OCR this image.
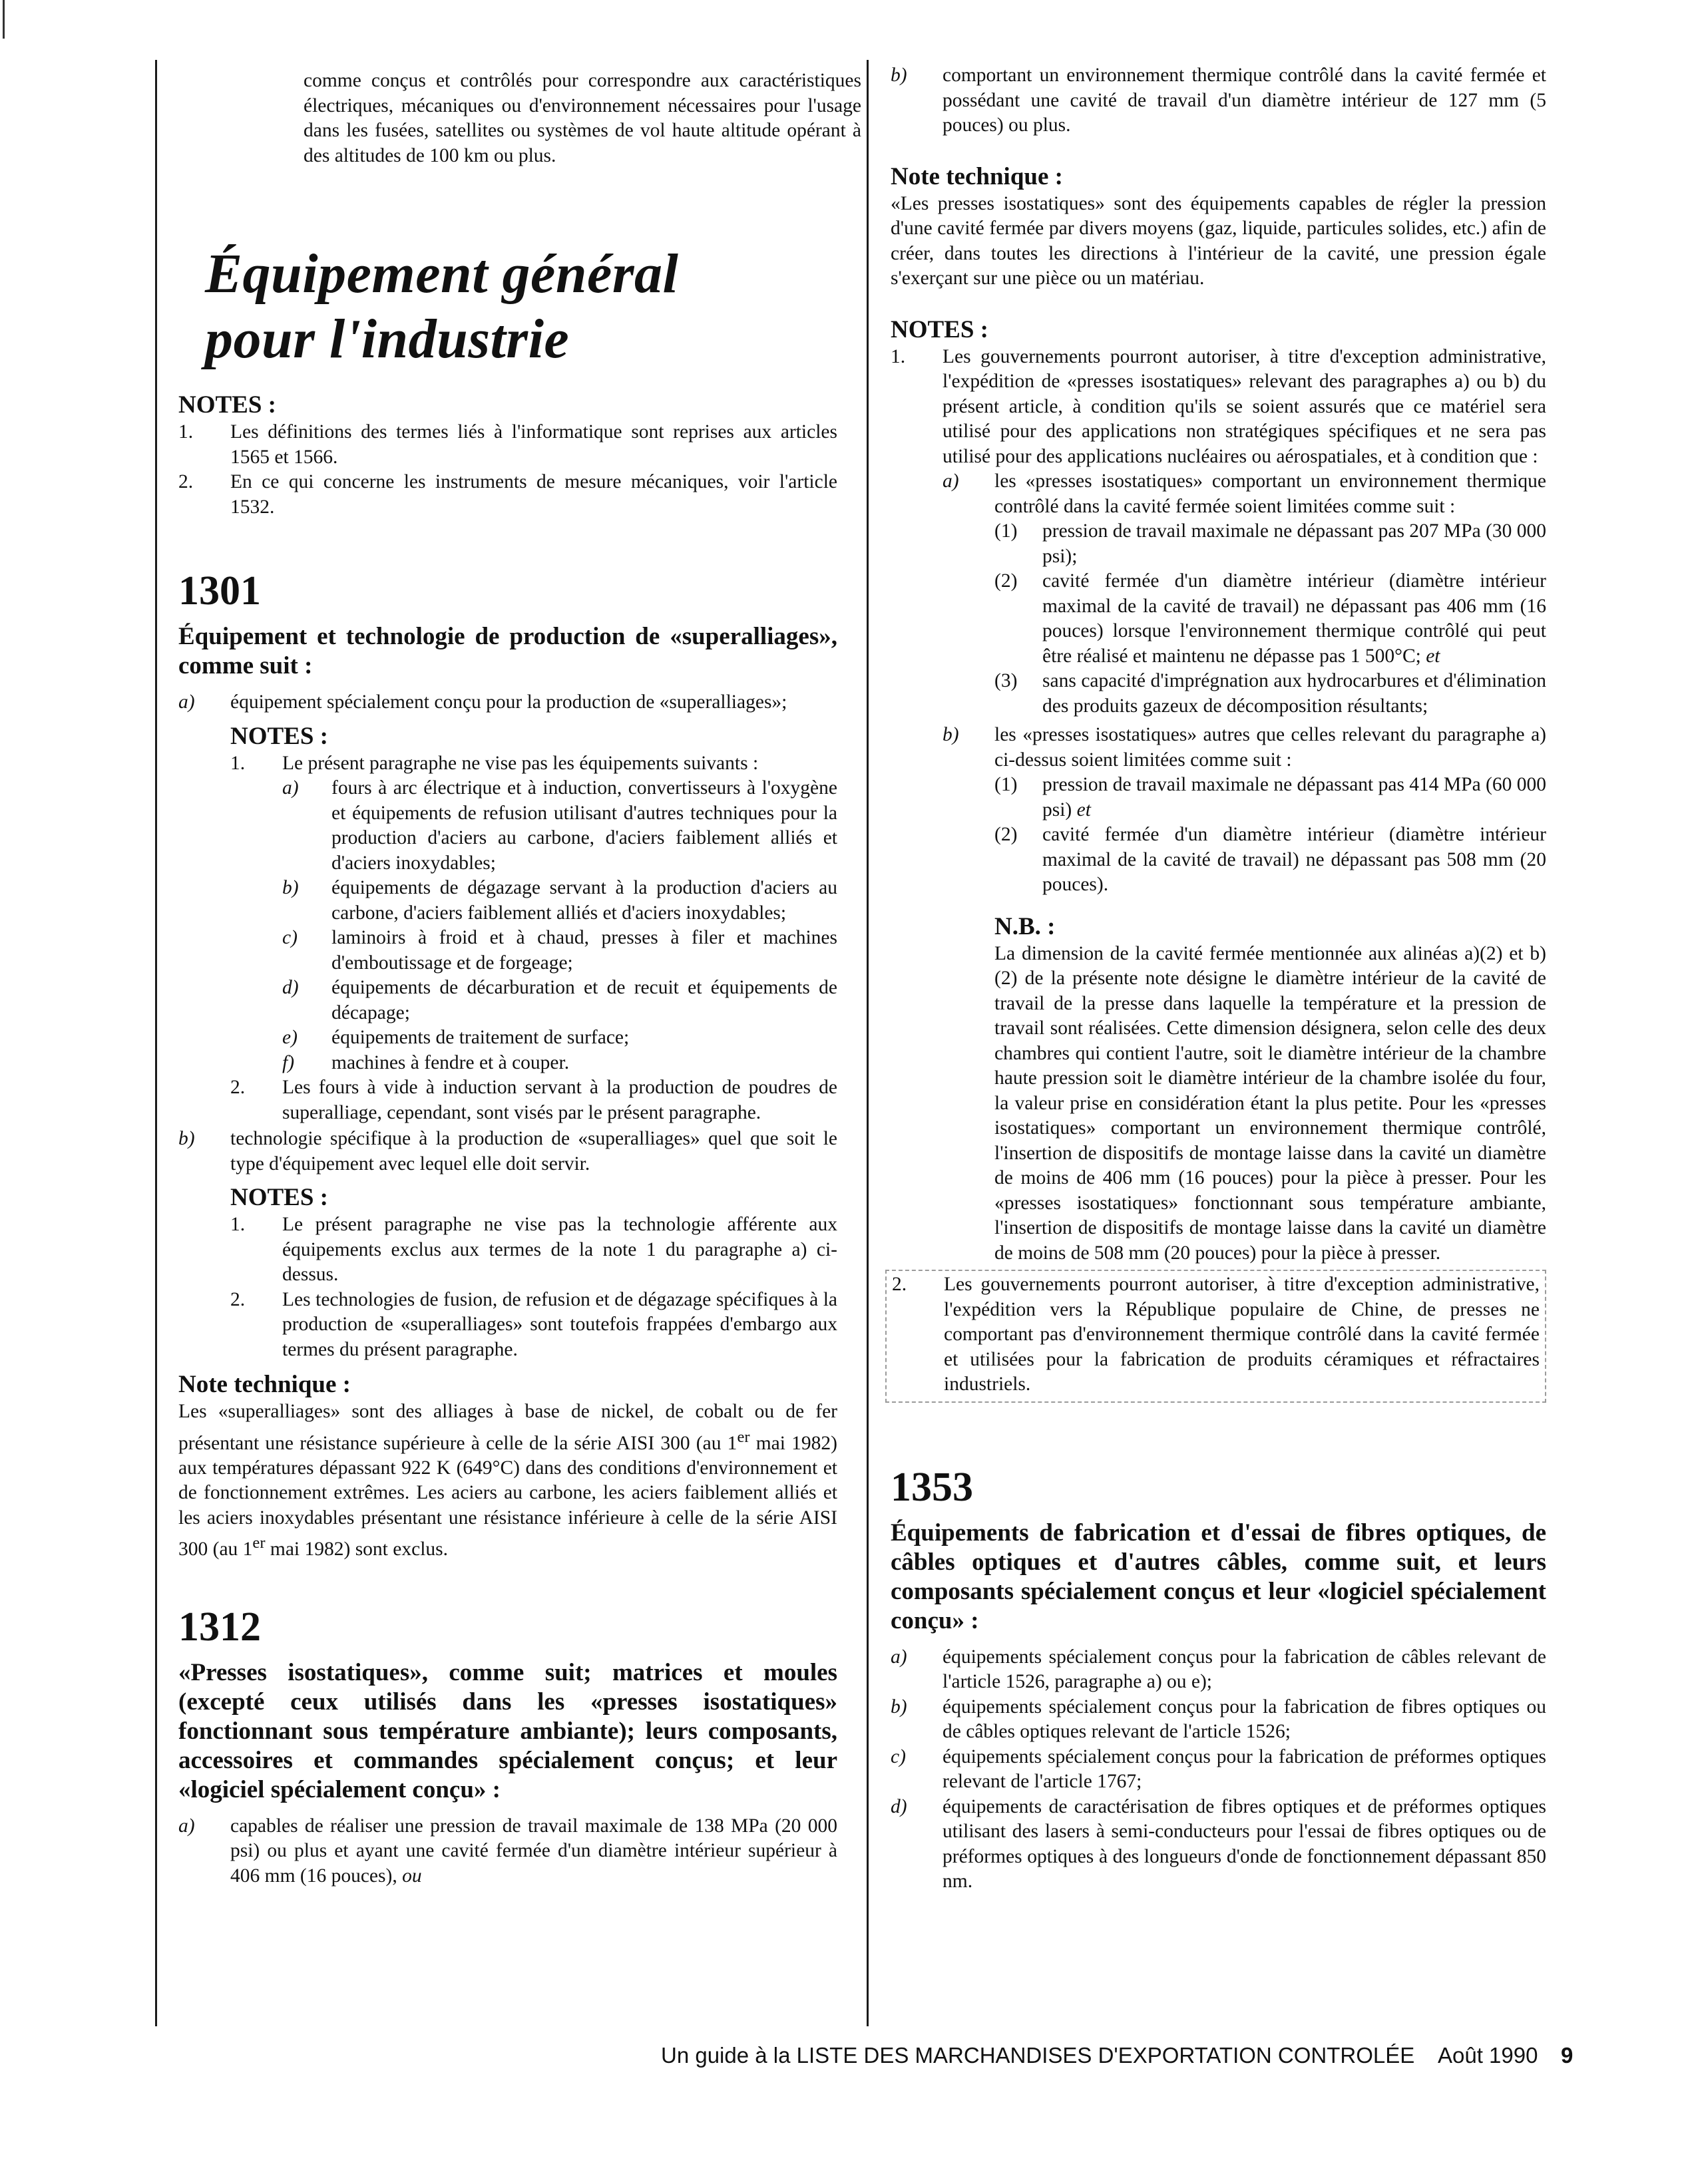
comme conçus et contrôlés pour correspondre aux caractéristiques électriques, mécaniques ou d'environnement nécessaires pour l'usage dans les fusées, satellites ou systèmes de vol haute altitude opérant à des altitudes de 100 km ou plus.

Équipement général
pour l'industrie
NOTES :
1.	Les définitions des termes liés à l'informatique sont reprises aux articles 1565 et 1566.
2.	En ce qui concerne les instruments de mesure mécaniques, voir l'article 1532.
1301
Équipement et technologie de production de «superalliages», comme suit :
a)	équipement spécialement conçu pour la production de «superalliages»;
NOTES :
1.	Le présent paragraphe ne vise pas les équipements suivants :
a)	fours à arc électrique et à induction, convertisseurs à l'oxygène et équipements de refusion utilisant d'autres techniques pour la production d'aciers au carbone, d'aciers faiblement alliés et d'aciers inoxydables;
b)	équipements de dégazage servant à la production d'aciers au carbone, d'aciers faiblement alliés et d'aciers inoxydables;
c)	laminoirs à froid et à chaud, presses à filer et machines d'emboutissage et de forgeage;
d)	équipements de décarburation et de recuit et équipements de décapage;
e)	équipements de traitement de surface;
f)	machines à fendre et à couper.
2.	Les fours à vide à induction servant à la production de poudres de superalliage, cependant, sont visés par le présent paragraphe.
b)	technologie spécifique à la production de «superalliages» quel que soit le type d'équipement avec lequel elle doit servir.
NOTES :
1.	Le présent paragraphe ne vise pas la technologie afférente aux équipements exclus aux termes de la note 1 du paragraphe a) ci-dessus.
2.	Les technologies de fusion, de refusion et de dégazage spécifiques à la production de «superalliages» sont toutefois frappées d'embargo aux termes du présent paragraphe.
Note technique :

Les «superalliages» sont des alliages à base de nickel, de cobalt ou de fer présentant une résistance supérieure à celle de la série AISI 300 (au 1er mai 1982) aux températures dépassant 922 K (649°C) dans des conditions d'environnement et de fonctionnement extrêmes. Les aciers au carbone, les aciers faiblement alliés et les aciers inoxydables présentant une résistance inférieure à celle de la série AISI 300 (au 1er mai 1982) sont exclus.

1312
«Presses isostatiques», comme suit; matrices et moules (excepté ceux utilisés dans les «presses isostatiques» fonctionnant sous température ambiante); leurs composants, accessoires et commandes spécialement conçus; et leur «logiciel spécialement conçu» :
a)	capables de réaliser une pression de travail maximale de 138 MPa (20 000 psi) ou plus et ayant une cavité fermée d'un diamètre intérieur supérieur à 406 mm (16 pouces), ou
b)	comportant un environnement thermique contrôlé dans la cavité fermée et possédant une cavité de travail d'un diamètre intérieur de 127 mm (5 pouces) ou plus.
Note technique :

«Les presses isostatiques» sont des équipements capables de régler la pression d'une cavité fermée par divers moyens (gaz, liquide, particules solides, etc.) afin de créer, dans toutes les directions à l'intérieur de la cavité, une pression égale s'exerçant sur une pièce ou un matériau.

NOTES :
1.	Les gouvernements pourront autoriser, à titre d'exception administrative, l'expédition de «presses isostatiques» relevant des paragraphes a) ou b) du présent article, à condition qu'ils se soient assurés que ce matériel sera utilisé pour des applications non stratégiques spécifiques et ne sera pas utilisé pour des applications nucléaires ou aérospatiales, et à condition que :
a)	les «presses isostatiques» comportant un environnement thermique contrôlé dans la cavité fermée soient limitées comme suit :
(1)	pression de travail maximale ne dépassant pas 207 MPa (30 000 psi);
(2)	cavité fermée d'un diamètre intérieur (diamètre intérieur maximal de la cavité de travail) ne dépassant pas 406 mm (16 pouces) lorsque l'environnement thermique contrôlé qui peut être réalisé et maintenu ne dépasse pas 1 500°C; et
(3)	sans capacité d'imprégnation aux hydrocarbures et d'élimination des produits gazeux de décomposition résultants;
b)	les «presses isostatiques» autres que celles relevant du paragraphe a) ci-dessus soient limitées comme suit :
(1)	pression de travail maximale ne dépassant pas 414 MPa (60 000 psi) et
(2)	cavité fermée d'un diamètre intérieur (diamètre intérieur maximal de la cavité de travail) ne dépassant pas 508 mm (20 pouces).
N.B. :

La dimension de la cavité fermée mentionnée aux alinéas a)(2) et b)(2) de la présente note désigne le diamètre intérieur de la cavité de travail de la presse dans laquelle la température et la pression de travail sont réalisées. Cette dimension désignera, selon celle des deux chambres qui contient l'autre, soit le diamètre intérieur de la chambre haute pression soit le diamètre intérieur de la chambre isolée du four, la valeur prise en considération étant la plus petite. Pour les «presses isostatiques» comportant un environnement thermique contrôlé, l'insertion de dispositifs de montage laisse dans la cavité un diamètre de moins de 406 mm (16 pouces) pour la pièce à presser. Pour les «presses isostatiques» fonctionnant sous température ambiante, l'insertion de dispositifs de montage laisse dans la cavité un diamètre de moins de 508 mm (20 pouces) pour la pièce à presser.

2.	Les gouvernements pourront autoriser, à titre d'exception administrative, l'expédition vers la République populaire de Chine, de presses ne comportant pas d'environnement thermique contrôlé dans la cavité fermée et utilisées pour la fabrication de produits céramiques et réfractaires industriels.
1353
Équipements de fabrication et d'essai de fibres optiques, de câbles optiques et d'autres câbles, comme suit, et leurs composants spécialement conçus et leur «logiciel spécialement conçu» :
a)	équipements spécialement conçus pour la fabrication de câbles relevant de l'article 1526, paragraphe a) ou e);
b)	équipements spécialement conçus pour la fabrication de fibres optiques ou de câbles optiques relevant de l'article 1526;
c)	équipements spécialement conçus pour la fabrication de préformes optiques relevant de l'article 1767;
d)	équipements de caractérisation de fibres optiques et de préformes optiques utilisant des lasers à semi-conducteurs pour l'essai de fibres optiques ou de préformes optiques à des longueurs d'onde de fonctionnement dépassant 850 nm.
Un guide à la LISTE DES MARCHANDISES D'EXPORTATION CONTROLÉE Août 1990 9
